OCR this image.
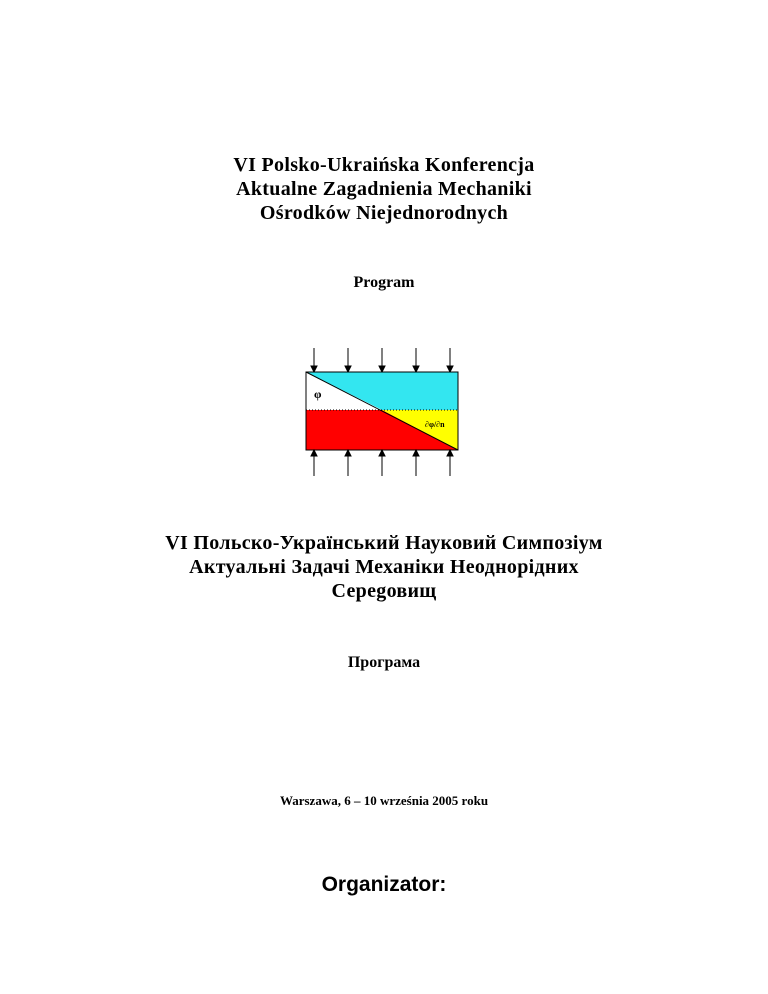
VI Polsko-Ukraińska Konferencja
Aktualne Zagadnienia Mechaniki
Ośrodków Niejednorodnych
Program
φ
∂φ/∂n
VI Польско-Український Науковий Симпозіум
Актуальні Задачі Механіки Неоднорідних
Сереgовищ
Програма
Warszawa, 6 – 10 września 2005 roku
Organizator:
